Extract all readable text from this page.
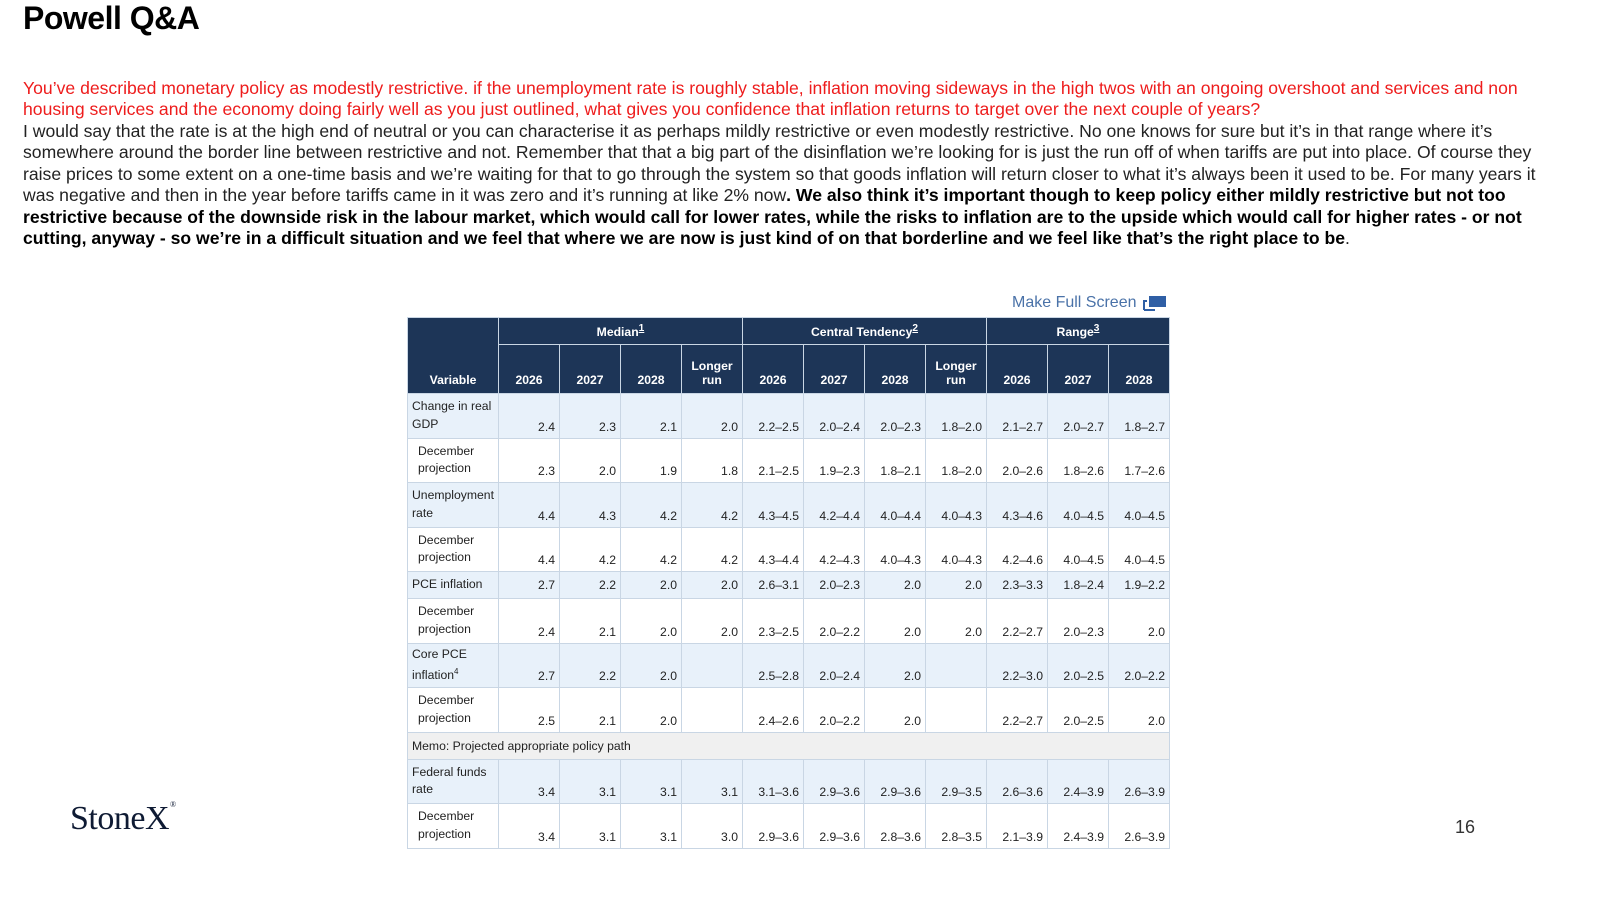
Powell Q&A
You’ve described monetary policy as modestly restrictive. if the unemployment rate is roughly stable, inflation moving sideways in the high twos with an ongoing overshoot and services and non housing services and the economy doing fairly well as you just outlined, what gives you confidence that inflation returns to target over the next couple of years?
I would say that the rate is at the high end of neutral or you can characterise it as perhaps mildly restrictive or even modestly restrictive. No one knows for sure but it’s in that range where it’s somewhere around the border line between restrictive and not. Remember that that a big part of the disinflation we’re looking for is just the run off of when tariffs are put into place. Of course they raise prices to some extent on a one-time basis and we’re waiting for that to go through the system so that goods inflation will return closer to what it’s always been it used to be. For many years it was negative and then in the year before tariffs came in it was zero and it’s running at like 2% now. We also think it’s important though to keep policy either mildly restrictive but not too restrictive because of the downside risk in the labour market, which would call for lower rates, while the risks to inflation are to the upside which would call for higher rates - or not cutting, anyway - so we’re in a difficult situation and we feel that where we are now is just kind of on that borderline and we feel like that’s the right place to be.
Make Full Screen
Variable	Median$^1$				Central Tendency$^2$				Range$^3$
	2026	2027	2028	Longer run	2026	2027	2028	Longer run	2026	2027	2028
Change in real GDP	2.4	2.3	2.1	2.0	2.2–2.5	2.0–2.4	2.0–2.3	1.8–2.0	2.1–2.7	2.0–2.7	1.8–2.7
December projection	2.3	2.0	1.9	1.8	2.1–2.5	1.9–2.3	1.8–2.1	1.8–2.0	2.0–2.6	1.8–2.6	1.7–2.6
Unemployment rate	4.4	4.3	4.2	4.2	4.3–4.5	4.2–4.4	4.0–4.4	4.0–4.3	4.3–4.6	4.0–4.5	4.0–4.5
December projection	4.4	4.2	4.2	4.2	4.3–4.4	4.2–4.3	4.0–4.3	4.0–4.3	4.2–4.6	4.0–4.5	4.0–4.5
PCE inflation	2.7	2.2	2.0	2.0	2.6–3.1	2.0–2.3	2.0	2.0	2.3–3.3	1.8–2.4	1.9–2.2
December projection	2.4	2.1	2.0	2.0	2.3–2.5	2.0–2.2	2.0	2.0	2.2–2.7	2.0–2.3	2.0
Core PCE inflation$^4$	2.7	2.2	2.0		2.5–2.8	2.0–2.4	2.0		2.2–3.0	2.0–2.5	2.0–2.2
December projection	2.5	2.1	2.0		2.4–2.6	2.0–2.2	2.0		2.2–2.7	2.0–2.5	2.0
Memo: Projected appropriate policy path											
Federal funds rate	3.4	3.1	3.1	3.1	3.1–3.6	2.9–3.6	2.9–3.6	2.9–3.5	2.6–3.6	2.4–3.9	2.6–3.9
December projection	3.4	3.1	3.1	3.0	2.9–3.6	2.9–3.6	2.8–3.6	2.8–3.5	2.1–3.9	2.4–3.9	2.6–3.9
StoneX®
16
